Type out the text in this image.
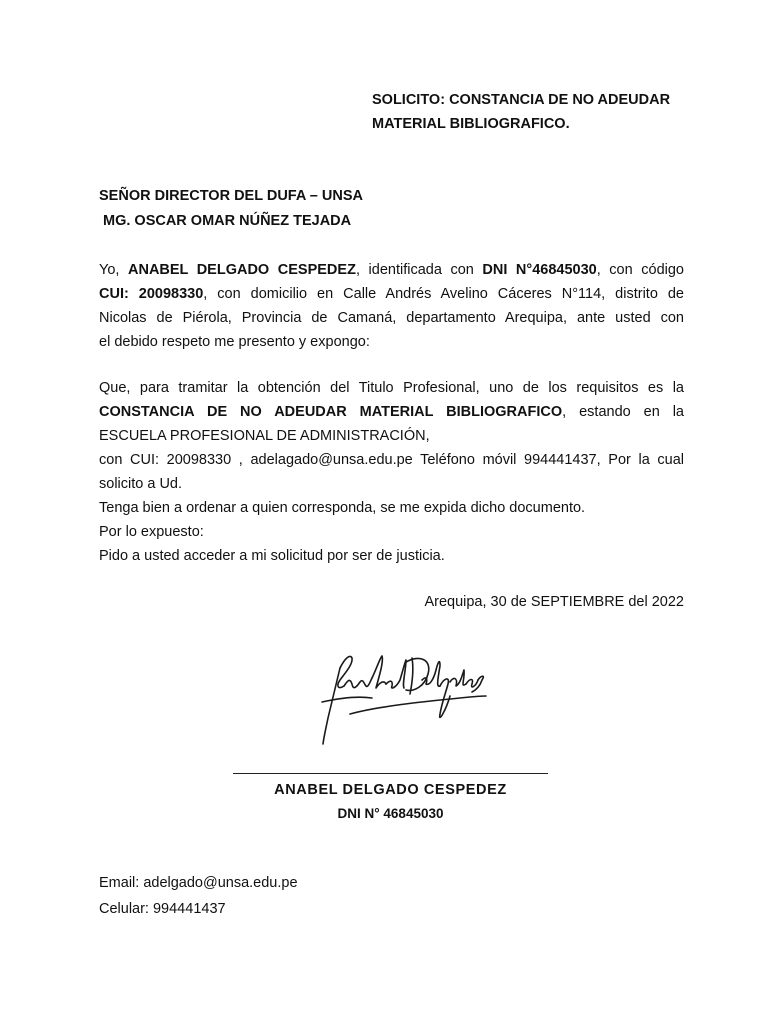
SOLICITO: CONSTANCIA DE NO ADEUDAR
MATERIAL BIBLIOGRAFICO.
SEÑOR DIRECTOR DEL DUFA – UNSA
MG. OSCAR OMAR NÚÑEZ TEJADA
Yo, ANABEL DELGADO CESPEDEZ, identificada con DNI N°46845030, con código
CUI: 20098330, con domicilio en Calle Andrés Avelino Cáceres N°114, distrito de
Nicolas de Piérola, Provincia de Camaná, departamento Arequipa, ante usted con
el debido respeto me presento y expongo:
Que, para tramitar la obtención del Titulo Profesional, uno de los requisitos es la
CONSTANCIA DE NO ADEUDAR MATERIAL BIBLIOGRAFICO, estando en la
ESCUELA PROFESIONAL DE ADMINISTRACIÓN,
con CUI: 20098330 , adelagado@unsa.edu.pe Teléfono móvil 994441437, Por la cual
solicito a Ud.
Tenga bien a ordenar a quien corresponda, se me expida dicho documento.
Por lo expuesto:
Pido a usted acceder a mi solicitud por ser de justicia.
Arequipa, 30 de SEPTIEMBRE del 2022
ANABEL DELGADO CESPEDEZ
DNI N° 46845030
Email: adelgado@unsa.edu.pe
Celular: 994441437
